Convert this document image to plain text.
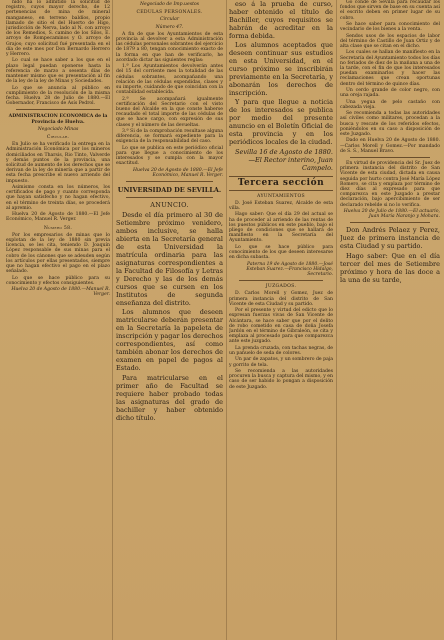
nido ha lo admitido la solicitud de registro, cuyos mayor derecho, de 12 pertenencias de mina de mineral manganeso, en terreno baldíos, propio llamado de sitio el del Huerto de Higo, jurisdicción de Nerva, lado al N. con arroyo de los Remedios, S. camino de los Silos, E. arroyo de Rompecaminos y O. arroyo de Grajos; cuyo solicitud fué presentada en el día de este mes por Don Bernardo Herrero y Herrero.

Lo cual se hace saber a los que en el plazo legal puedan oponerse hasta la referencia de marzo a sesenta días de mantener mismo que es presentación al fin de la ley de la ley de Minas y Sociedades.

Lo que se anuncia al público en cumplimiento de la resolución de la misma fecha. Huelva 28 de Julio de 1880.—El Gobernador, Francisco de Asís Pedrol.

ADMINISTRACION ECONOMICA de la Provincia de Huelva.
Negociado Minas
Circular.

En Julio se ha verificado la entrega en la Administración Económica por los mineros domiciliados en Tharsis, Rio Tinto, Valverde y demás puntos de la provincia, una solicitud de aumento de los derechos que se derivan de la ley de minería que a partir de esta fecha prescribe el nuevo arriendo del impuesto.

Asimismo consta en los números, los certificados de pago y cuanto corresponda que hayan satisfecho y no hagan efectivo, en el término de treinta días, se procederá al apremio.

Huelva 20 de Agosto de 1880.—El Jefe Económico, Manuel R. Verger.

Número 58.

Por los empresarios de minas que lo explotan de la ley de 1880 sin previa licencia, se les cita, teniendo D. Joaquín López responsable de sus minas para el cobro de los cánones que se adeuden según los artículos por ellas presentados, siempre que no hagan efectivo el pago en el plazo señalado.

Lo que se hace público para su conocimiento y efectos consiguientes.

Huelva 20 de Agosto de 1880.—Manuel R. Verger.
Negociado de Imp.uestos
CEDULAS PERSONALES.
Circular
Número 47.

A fin de que los Ayuntamientos de esta provincia al devolver a esta Administración las cédulas personales sobrantes del ejercicio de 1879 a 80, tengan conocimiento exacto de la forma en que han de verificarlo, he acordado dictar las siguientes reglas:

1.ª Los Ayuntamientos devolverán antes del 15 del corriente mes la totalidad de las cédulas sobrantes, acompañando una relación de las cédulas expendidas, clases y su importe, cuidando de que coincidan con la contabilidad establecida.

2.ª Se acompañará igualmente certificación del Secretario con el visto bueno del Alcalde en la que conste haberse recaudado el total importe de las cédulas de que se hace cargo, con expresión de sus clases y el número de las devueltas.

3.ª Si de la comprobación resultase alguna diferencia, se formará expediente para la exigencia de la responsabilidad del caso.

Lo que se publica en este periódico oficial para que llegue a conocimiento de los interesados y se cumpla con la mayor exactitud.

Huelva 20 de Agosto de 1880.—El Jefe Económico, Manuel R. Verger.
UNIVERSIDAD DE SEVILLA.
ANUNCIO.

Desde el día primero al 30 de Setiembre próximo venidero, ambos inclusive, se halla abierta en la Secretaría general de esta Universidad la matrícula ordinaria para las asignaturas correspondientes a la Facultad de Filosofía y Letras y Derecho y las de los demás cursos que se cursen en los Institutos de segunda enseñanza del distrito.

Los alumnos que deseen matricularse deberán presentar en la Secretaría la papeleta de inscripción y pagar los derechos correspondientes, así como también abonar los derechos de examen en papel de pagos al Estado.

Para matricularse en el primer año de Facultad se requiere haber probado todas las asignaturas del grado de bachiller y haber obtenido dicho título.

eso á la prueba de curso, haber obtenido el título de Bachiller, cuyos requisitos se habrán de acreditar en la forma debida.

Los alumnos aceptados que deseen continuar sus estudios en esta Universidad, en el curso próximo se inscribirán previamente en la Secretaría, y abonarán los derechos de inscripción.

Y para que llegue a noticia de los interesados se publica por medio del presente anuncio en el Boletín Oficial de esta provincia y en los periódicos locales de la ciudad.

Sevilla 16 de Agosto de 1880.—El Rector interino, Juan Campelo.
Tercera sección
AYUNTAMIENTOS

D. José Esteban Suarez, Alcalde de esta villa.

Hago saber: Que el día 29 del actual se ha de proceder al arriendo de las rentas de los puestos públicos en este pueblo, bajo el pliego de condiciones que se hallará de manifiesto en la Secretaría del Ayuntamiento.

Lo que se hace público para conocimiento de los que deseen interesarse en dicha subasta.

Paterna 19 de Agosto de 1880.—José Esteban Suarez.—Francisco Hidalgo, Secretario.
JUZGADOS.

D. Carlos Morell y Gomez, Juez de primera instancia del distrito de San Vicente de esta Ciudad y su partido.

Por el presente y virtud del edicto que lo expresan fuerzas vivas de San Vicente de Alcántara, se hace saber que por el delito de robo cometido en casa de doña Josefa Jardón en el término de Gibraleón, se cita y emplaza al procesado para que comparezca ante este juzgado.

La prenda cruzada, con tachas negras, de un pañuelo de seda de colores.

Un par de zapatos, y un sombrero de paja y gorrito de tela.

Se recomienda a las autoridades procuren la busca y captura del mismo, y en caso de ser habido lo pongan a disposición de este Juzgado.

Go conde de Sevilla para recaudar los fondos que sirven de base en su cuenta así el escrito deben en primer lugar de su cobro.

Se hace saber para conocimiento del vecindario de los bienes a la venta.

Sendos usos de los espacios de labor del término de Castillo de Juan Ortiz y de alta clase que se citan en el dicho.

Los cuales se hallan de manifiesto en la Secretaría del Ayuntamiento todos los días no feriados de diez de la mañana a una de la tarde, con el fin de que los interesados puedan examinarlos y hacer las reclamaciones que crean oportunas dentro del término de quince días.

Un cerdo grande de color negro, con una oreja rajada.

Una yegua de pelo castaño con cabezada vieja.

Se recomienda a todas las autoridades así civiles como militares, procedan a la busca y rescate de los referidos efectos, poniéndolos en su caso a disposición de este Juzgado.

Dado en Huelva 20 de Agosto de 1880.—Carlos Morell y Gomez.—Por mandado de S. S., Manuel Bravo.

En virtud de providencia del Sr. Juez de primera instancia del distrito de San Vicente de esta ciudad, dictada en causa seguida por hurto contra José María López Romero, se cita y emplaza por término de diez días al expresado para que comparezca en este Juzgado a prestar declaración, bajo apercibimiento de ser declarado rebelde si no lo verifica.

Huelva 20 de Julio de 1880.—El actuario, Juan María Naranjo y Mohara.

Don Andrés Pelaez y Perez, Juez de primera instancia de esta Ciudad y su partido.

Hago saber: Que en el día tercer del mes de Setiembre próximo y hora de las doce a la una de su tarde,
